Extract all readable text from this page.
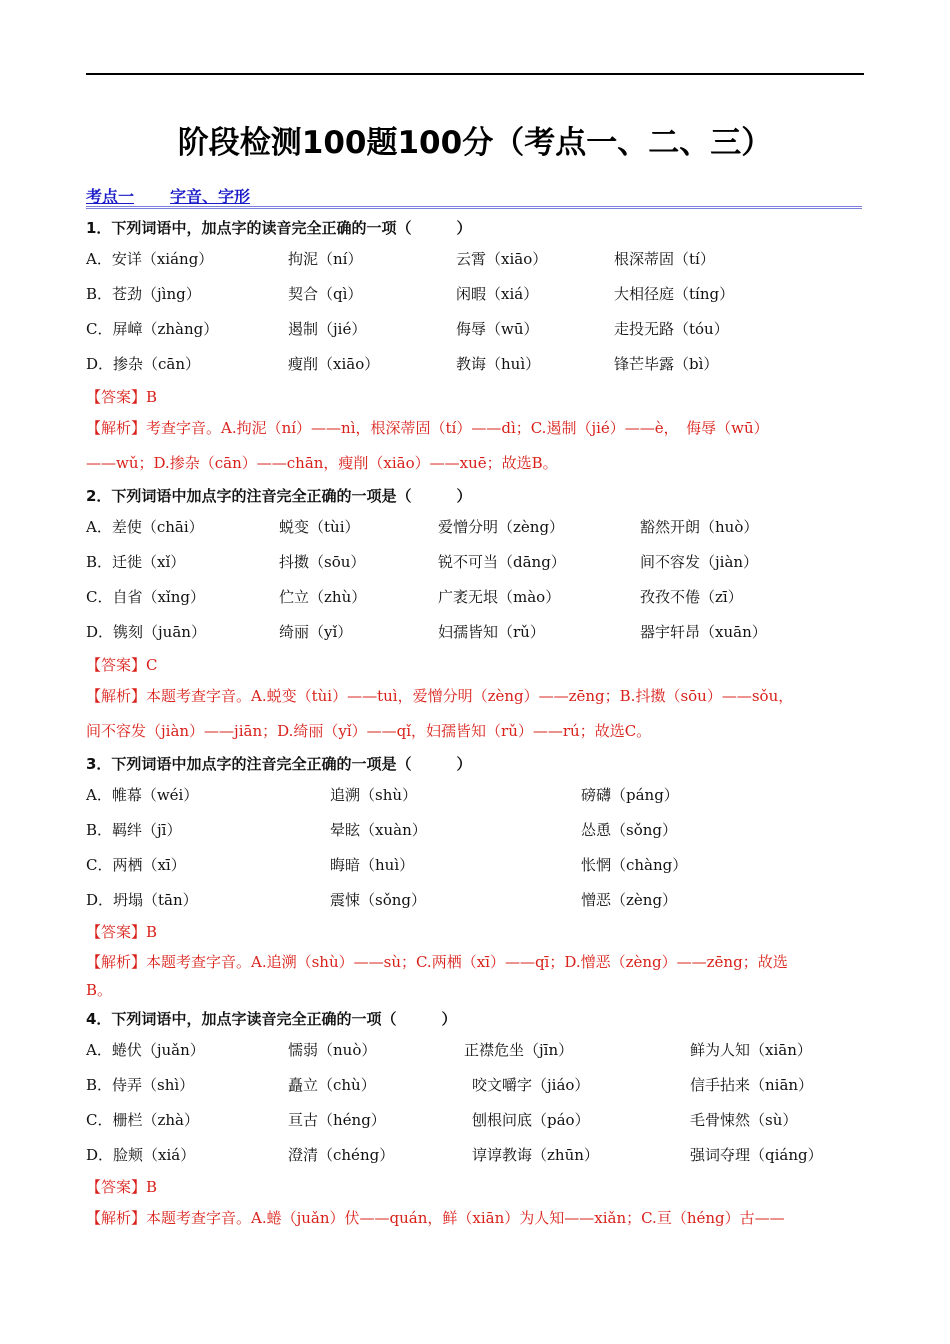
阶段检测100题100分（考点一、二、三）
考点一 字音、字形
1．下列词语中，加点字的读音完全正确的一项（　　　）
A．安详（xiáng）	拘泥（ní）	云霄（xiāo）	根深蒂固（tí）
B．苍劲（jìng）	契合（qì）	闲暇（xiá）	大相径庭（tíng）
C．屏嶂（zhàng）	遏制（jié）	侮辱（wū）	走投无路（tóu）
D．掺杂（cān）	瘦削（xiāo）	教诲（huì）	锋芒毕露（bì）
【答案】B
【解析】考查字音。A.拘泥（ní）——nì，根深蒂固（tí）——dì；C.遏制（jié）——è，　侮辱（wū）
——wǔ；D.掺杂（cān）——chān，瘦削（xiāo）——xuē；故选B。
2．下列词语中加点字的注音完全正确的一项是（　　　）
A．差使（chāi）	蜕变（tùi）	爱憎分明（zèng）	豁然开朗（huò）
B．迁徙（xǐ）	抖擞（sōu）	锐不可当（dāng）	间不容发（jiàn）
C．自省（xǐng）	伫立（zhù）	广袤无垠（mào）	孜孜不倦（zī）
D．镌刻（juān）	绮丽（yǐ）	妇孺皆知（rǔ）	器宇轩昂（xuān）
【答案】C
【解析】本题考查字音。A.蜕变（tùi）——tuì，爱憎分明（zèng）——zēng；B.抖擞（sōu）——sǒu，
间不容发（jiàn）——jiān；D.绮丽（yǐ）——qǐ，妇孺皆知（rǔ）——rú；故选C。
3．下列词语中加点字的注音完全正确的一项是（　　　）
A．帷幕（wéi）	追溯（shù）	磅礴（páng）
B．羁绊（jī）	晕眩（xuàn）	怂恿（sǒng）
C．两栖（xī）	晦暗（huì）	怅惘（chàng）
D．坍塌（tān）	震悚（sǒng）	憎恶（zèng）
【答案】B
【解析】本题考查字音。A.追溯（shù）——sù；C.两栖（xī）——qī；D.憎恶（zèng）——zēng；故选
B。
4．下列词语中，加点字读音完全正确的一项（　　　）
A．蜷伏（juǎn）	懦弱（nuò）	正襟危坐（jīn）	鲜为人知（xiān）
B．侍弄（shì）	矗立（chù）	咬文嚼字（jiáo）	信手拈来（niān）
C．栅栏（zhà）	亘古（héng）	刨根问底（páo）	毛骨悚然（sù）
D．脸颊（xiá）	澄清（chéng）	谆谆教诲（zhūn）	强词夺理（qiáng）
【答案】B
【解析】本题考查字音。A.蜷（juǎn）伏——quán，鲜（xiān）为人知——xiǎn；C.亘（héng）古——
